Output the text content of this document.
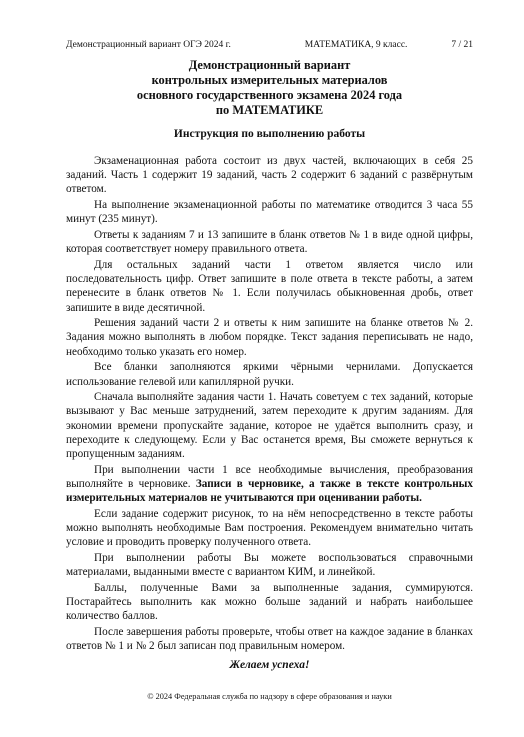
Демонстрационный вариант ОГЭ 2024 г.	МАТЕМАТИКА, 9 класс.	7 / 21
Демонстрационный вариант
контрольных измерительных материалов
основного государственного экзамена 2024 года
по МАТЕМАТИКЕ
Инструкция по выполнению работы

Экзаменационная работа состоит из двух частей, включающих в себя 25 заданий. Часть 1 содержит 19 заданий, часть 2 содержит 6 заданий с развёрнутым ответом.

На выполнение экзаменационной работы по математике отводится 3 часа 55 минут (235 минут).

Ответы к заданиям 7 и 13 запишите в бланк ответов № 1 в виде одной цифры, которая соответствует номеру правильного ответа.

Для остальных заданий части 1 ответом является число или последовательность цифр. Ответ запишите в поле ответа в тексте работы, а затем перенесите в бланк ответов № 1. Если получилась обыкновенная дробь, ответ запишите в виде десятичной.

Решения заданий части 2 и ответы к ним запишите на бланке ответов № 2. Задания можно выполнять в любом порядке. Текст задания переписывать не надо, необходимо только указать его номер.

Все бланки заполняются яркими чёрными чернилами. Допускается использование гелевой или капиллярной ручки.

Сначала выполняйте задания части 1. Начать советуем с тех заданий, которые вызывают у Вас меньше затруднений, затем переходите к другим заданиям. Для экономии времени пропускайте задание, которое не удаётся выполнить сразу, и переходите к следующему. Если у Вас останется время, Вы сможете вернуться к пропущенным заданиям.

При выполнении части 1 все необходимые вычисления, преобразования выполняйте в черновике. Записи в черновике, а также в тексте контрольных измерительных материалов не учитываются при оценивании работы.

Если задание содержит рисунок, то на нём непосредственно в тексте работы можно выполнять необходимые Вам построения. Рекомендуем внимательно читать условие и проводить проверку полученного ответа.

При выполнении работы Вы можете воспользоваться справочными материалами, выданными вместе с вариантом КИМ, и линейкой.

Баллы, полученные Вами за выполненные задания, суммируются. Постарайтесь выполнить как можно больше заданий и набрать наибольшее количество баллов.

После завершения работы проверьте, чтобы ответ на каждое задание в бланках ответов № 1 и № 2 был записан под правильным номером.

Желаем успеха!
© 2024 Федеральная служба по надзору в сфере образования и науки
